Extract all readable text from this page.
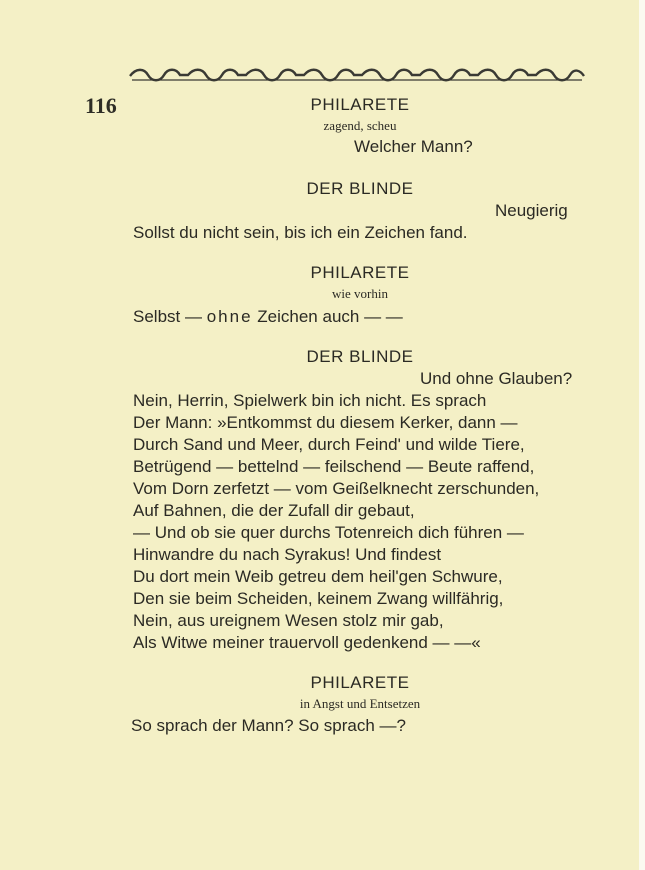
116	PHILARETE
zagend, scheu
Welcher Mann?
DER BLINDE
Neugierig
Sollst du nicht sein, bis ich ein Zeichen fand.
PHILARETE
wie vorhin
Selbst — ohne Zeichen auch — —
DER BLINDE
Und ohne Glauben?
Nein, Herrin, Spielwerk bin ich nicht. Es sprach
Der Mann: »Entkommst du diesem Kerker, dann —
Durch Sand und Meer, durch Feind' und wilde Tiere,
Betrügend — bettelnd — feilschend — Beute raffend,
Vom Dorn zerfetzt — vom Geißelknecht zerschunden,
Auf Bahnen, die der Zufall dir gebaut,
— Und ob sie quer durchs Totenreich dich führen —
Hinwandre du nach Syrakus! Und findest
Du dort mein Weib getreu dem heil'gen Schwure,
Den sie beim Scheiden, keinem Zwang willfährig,
Nein, aus ureignem Wesen stolz mir gab,
Als Witwe meiner trauervoll gedenkend — —«
PHILARETE
in Angst und Entsetzen
So sprach der Mann? So sprach —?
